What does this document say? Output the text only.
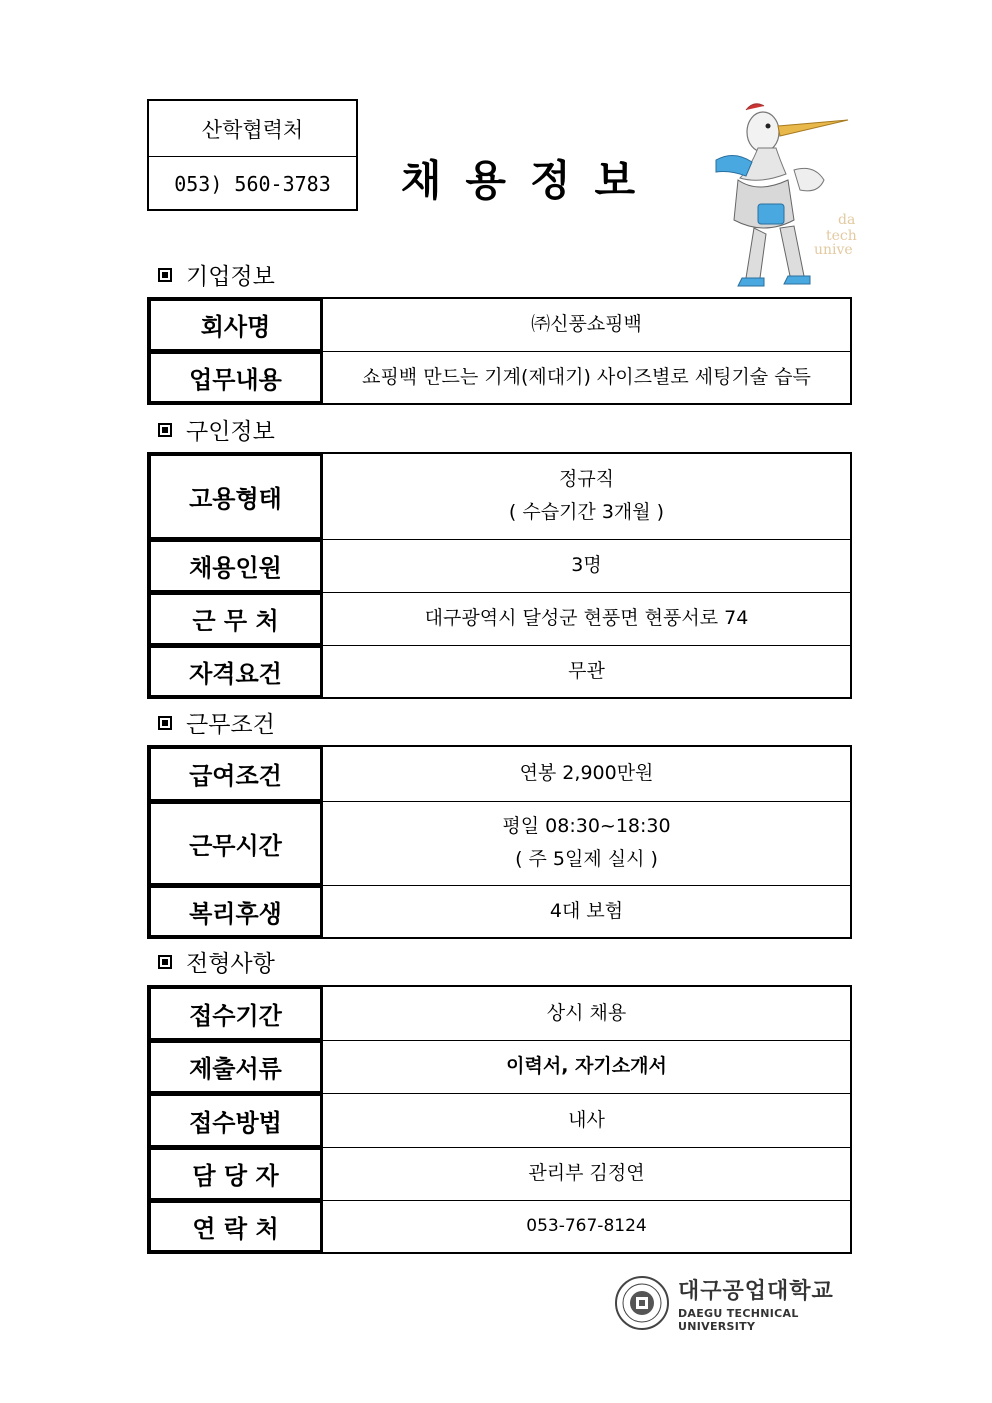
산학협력처
053) 560-3783	채용정보
da
tech
unive
기업정보
회사명	㈜신풍쇼핑백
업무내용	쇼핑백 만드는 기계(제대기) 사이즈별로 세팅기술 습득
구인정보
고용형태	정규직
( 수습기간 3개월 )

채용인원	3명
근 무 처	대구광역시 달성군 현풍면 현풍서로 74
자격요건	무관
근무조건
급여조건	연봉 2,900만원
근무시간	평일 08:30~18:30
( 주 5일제 실시 )

복리후생	4대 보험
전형사항
접수기간	상시 채용
제출서류	이력서, 자기소개서
접수방법	내사
담 당 자	관리부 김정연
연 락 처	053-767-8124
대구공업대학교
DAEGU TECHNICAL UNIVERSITY
